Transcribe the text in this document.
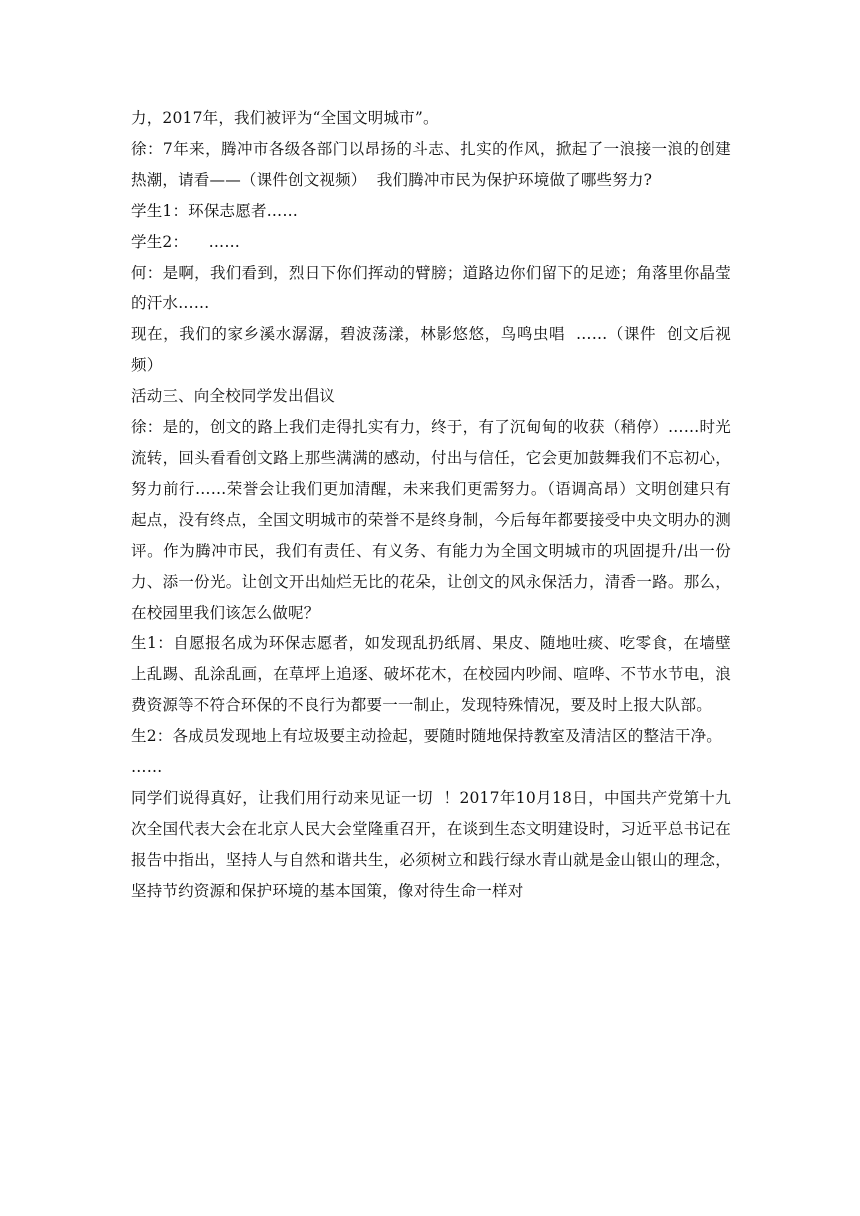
力，2017年，我们被评为“全国文明城市”。

徐：7年来，腾冲市各级各部门以昂扬的斗志、扎实的作风，掀起了一浪接一浪的创建热潮，请看——（课件创文视频）  我们腾冲市民为保护环境做了哪些努力?

学生1：环保志愿者……

学生2：    ……

何：是啊，我们看到，烈日下你们挥动的臂膀；道路边你们留下的足迹；角落里你晶莹的汗水……

现在，我们的家乡溪水潺潺，碧波荡漾，林影悠悠，鸟鸣虫唱  ……（课件  创文后视频）

活动三、向全校同学发出倡议

徐：是的，创文的路上我们走得扎实有力，终于，有了沉甸甸的收获（稍停）……时光流转，回头看看创文路上那些满满的感动，付出与信任，它会更加鼓舞我们不忘初心，努力前行……荣誉会让我们更加清醒，未来我们更需努力。（语调高昂）文明创建只有起点，没有终点，全国文明城市的荣誉不是终身制，今后每年都要接受中央文明办的测评。作为腾冲市民，我们有责任、有义务、有能力为全国文明城市的巩固提升/出一份力、添一份光。让创文开出灿烂无比的花朵，让创文的风永保活力，清香一路。那么，在校园里我们该怎么做呢？

生1：自愿报名成为环保志愿者，如发现乱扔纸屑、果皮、随地吐痰、吃零食，在墙壁上乱踢、乱涂乱画，在草坪上追逐、破坏花木，在校园内吵闹、喧哗、不节水节电，浪费资源等不符合环保的不良行为都要一一制止，发现特殊情况，要及时上报大队部。

生2：各成员发现地上有垃圾要主动捡起，要随时随地保持教室及清洁区的整洁干净。

……

同学们说得真好，让我们用行动来见证一切  ！2017年10月18日，中国共产党第十九次全国代表大会在北京人民大会堂隆重召开，在谈到生态文明建设时，习近平总书记在报告中指出，坚持人与自然和谐共生，必须树立和践行绿水青山就是金山银山的理念，坚持节约资源和保护环境的基本国策，像对待生命一样对
